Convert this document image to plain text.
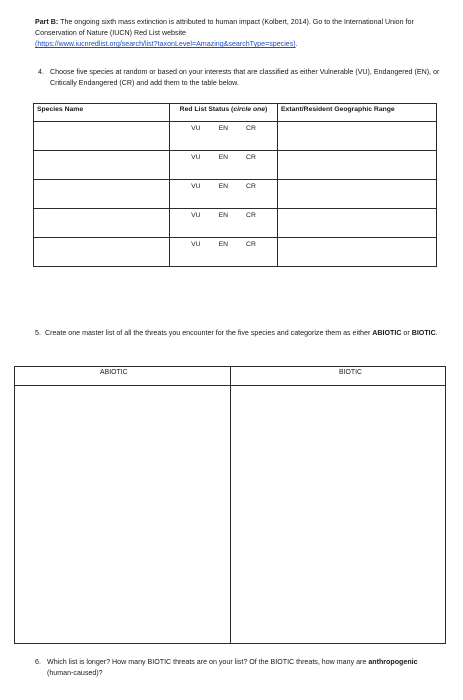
Part B: The ongoing sixth mass extinction is attributed to human impact (Kolbert, 2014). Go to the International Union for Conservation of Nature (IUCN) Red List website
(https://www.iucnredlist.org/search/list?taxonLevel=Amazing&searchType=species).
4. Choose five species at random or based on your interests that are classified as either Vulnerable (VU), Endangered (EN), or Critically Endangered (CR) and add them to the table below.
Species Name	Red List Status (circle one)	Extant/Resident Geographic Range

	VU EN CR	

	VU EN CR	

	VU EN CR	

	VU EN CR	

	VU EN CR	

5. Create one master list of all the threats you encounter for the five species and categorize them as either ABIOTIC or BIOTIC.
ABIOTIC	BIOTIC

6. Which list is longer? How many BIOTIC threats are on your list? Of the BIOTIC threats, how many are anthropogenic (human-caused)?
